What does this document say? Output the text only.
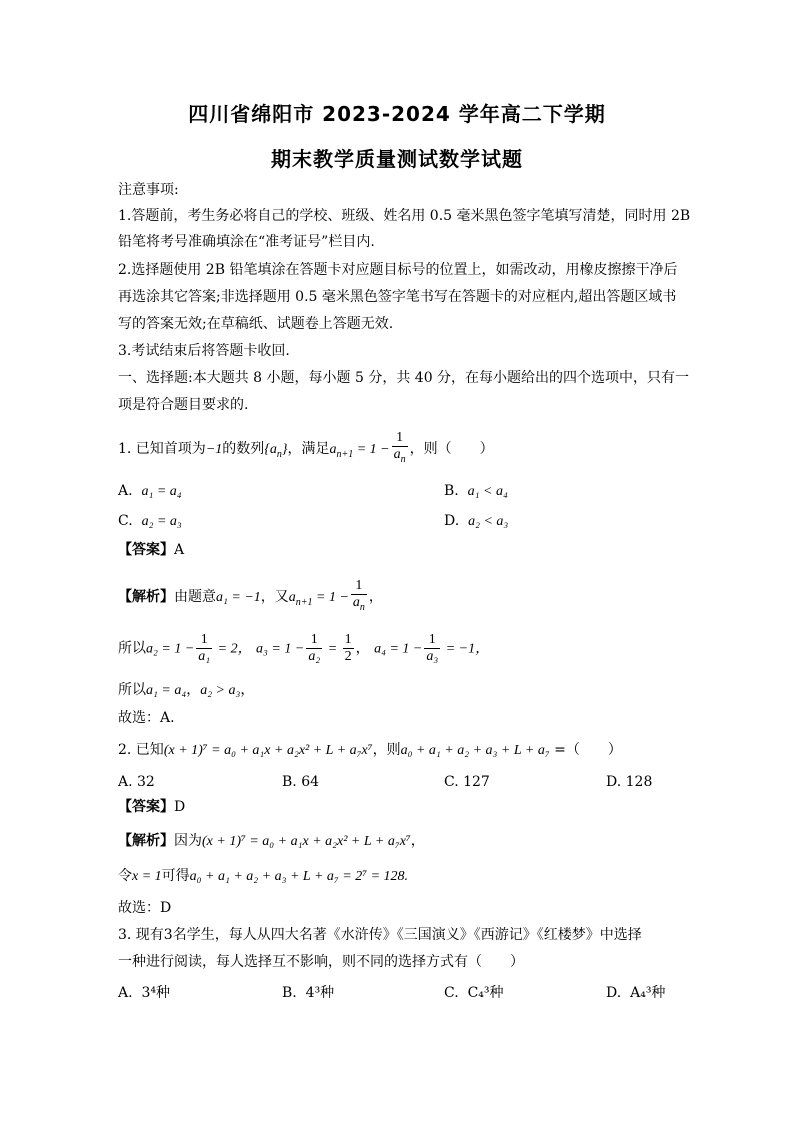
四川省绵阳市 2023-2024 学年高二下学期
期末教学质量测试数学试题
注意事项:
1.答题前，考生务必将自己的学校、班级、姓名用 0.5 毫米黑色签字笔填写清楚，同时用 2B
铅笔将考号准确填涂在“准考证号”栏目内.
2.选择题使用 2B 铅笔填涂在答题卡对应题目标号的位置上，如需改动，用橡皮擦擦干净后
再选涂其它答案;非选择题用 0.5 毫米黑色签字笔书写在答题卡的对应框内,超出答题区域书
写的答案无效;在草稿纸、试题卷上答题无效.
3.考试结束后将答题卡收回.
一、选择题:本大题共 8 小题，每小题 5 分，共 40 分，在每小题给出的四个选项中，只有一
项是符合题目要求的.
1. 已知首项为−1的数列$\{a_n\}$，满足$a_{n+1} = 1 - \frac{1}{a_n}$ ，则（　　）
A. a₁ = a₄	B. a₁ < a₄
C. a₂ = a₃	D. a₂ < a₃
【答案】A
【解析】由题意a₁ = −1，又$a_{n+1} = 1 - \frac{1}{a_n}$ ，
所以$a_2 = 1 - \frac{1}{\text{a₁}} = 2$， $a_3 = 1 - \frac{1}{\text{a₂}} = \frac{1}{2}$ ， $a_4 = 1 - \frac{1}{\text{a₃}} = -1$，
所以a₁ = a₄，a₂ > a₃，
故选：A.
2. 已知(x + 1)⁷ = a₀ + a₁x + a₂x² + L + a₇x⁷，则a₀ + a₁ + a₂ + a₃ + L + a₇ =（　　）
A. 32	B. 64	C. 127	D. 128
【答案】D
【解析】因为(x + 1)⁷ = a₀ + a₁x + a₂x² + L + a₇x⁷，
令x = 1可得a₀ + a₁ + a₂ + a₃ + L + a₇ = 2⁷ = 128.
故选：D
3. 现有3名学生，每人从四大名著《水浒传》《三国演义》《西游记》《红楼梦》中选择
一种进行阅读，每人选择互不影响，则不同的选择方式有（　　）
A. 3⁴种	B. 4³种	C. C₄³种	D. A₄³种
